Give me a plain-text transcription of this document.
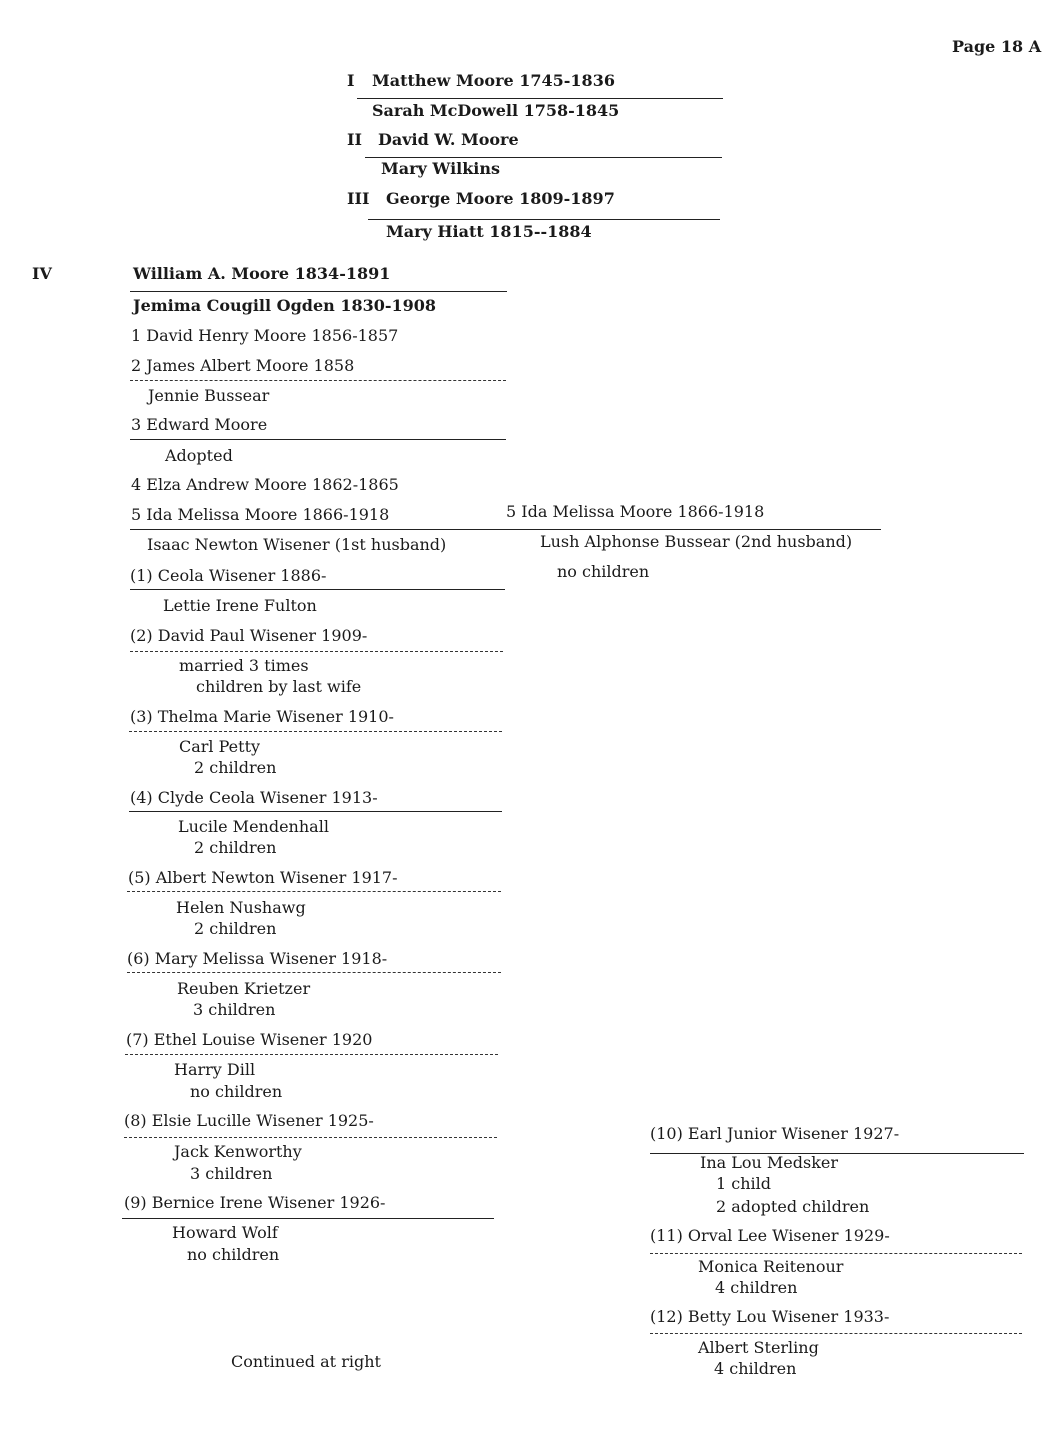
Page 18 A
I Matthew Moore 1745-1836
Sarah McDowell 1758-1845
II David W. Moore
Mary Wilkins
III George Moore 1809-1897
Mary Hiatt 1815--1884
IV	William A. Moore 1834-1891
Jemima Cougill Ogden 1830-1908
1 David Henry Moore 1856-1857
2 James Albert Moore 1858
Jennie Bussear
3 Edward Moore
Adopted
4 Elza Andrew Moore 1862-1865
5 Ida Melissa Moore 1866-1918
Isaac Newton Wisener (1st husband)
5 Ida Melissa Moore 1866-1918
Lush Alphonse Bussear (2nd husband)
no children
(1) Ceola Wisener 1886-
Lettie Irene Fulton
(2) David Paul Wisener 1909-
married 3 times
children by last wife
(3) Thelma Marie Wisener 1910-
Carl Petty
2 children
(4) Clyde Ceola Wisener 1913-
Lucile Mendenhall
2 children
(5) Albert Newton Wisener 1917-
Helen Nushawg
2 children
(6) Mary Melissa Wisener 1918-
Reuben Krietzer
3 children
(7) Ethel Louise Wisener 1920
Harry Dill
no children
(8) Elsie Lucille Wisener 1925-
Jack Kenworthy
3 children
(9) Bernice Irene Wisener 1926-
Howard Wolf
no children
(10) Earl Junior Wisener 1927-
Ina Lou Medsker
1 child
2 adopted children
(11) Orval Lee Wisener 1929-
Monica Reitenour
4 children
(12) Betty Lou Wisener 1933-
Albert Sterling
4 children
Continued at right
